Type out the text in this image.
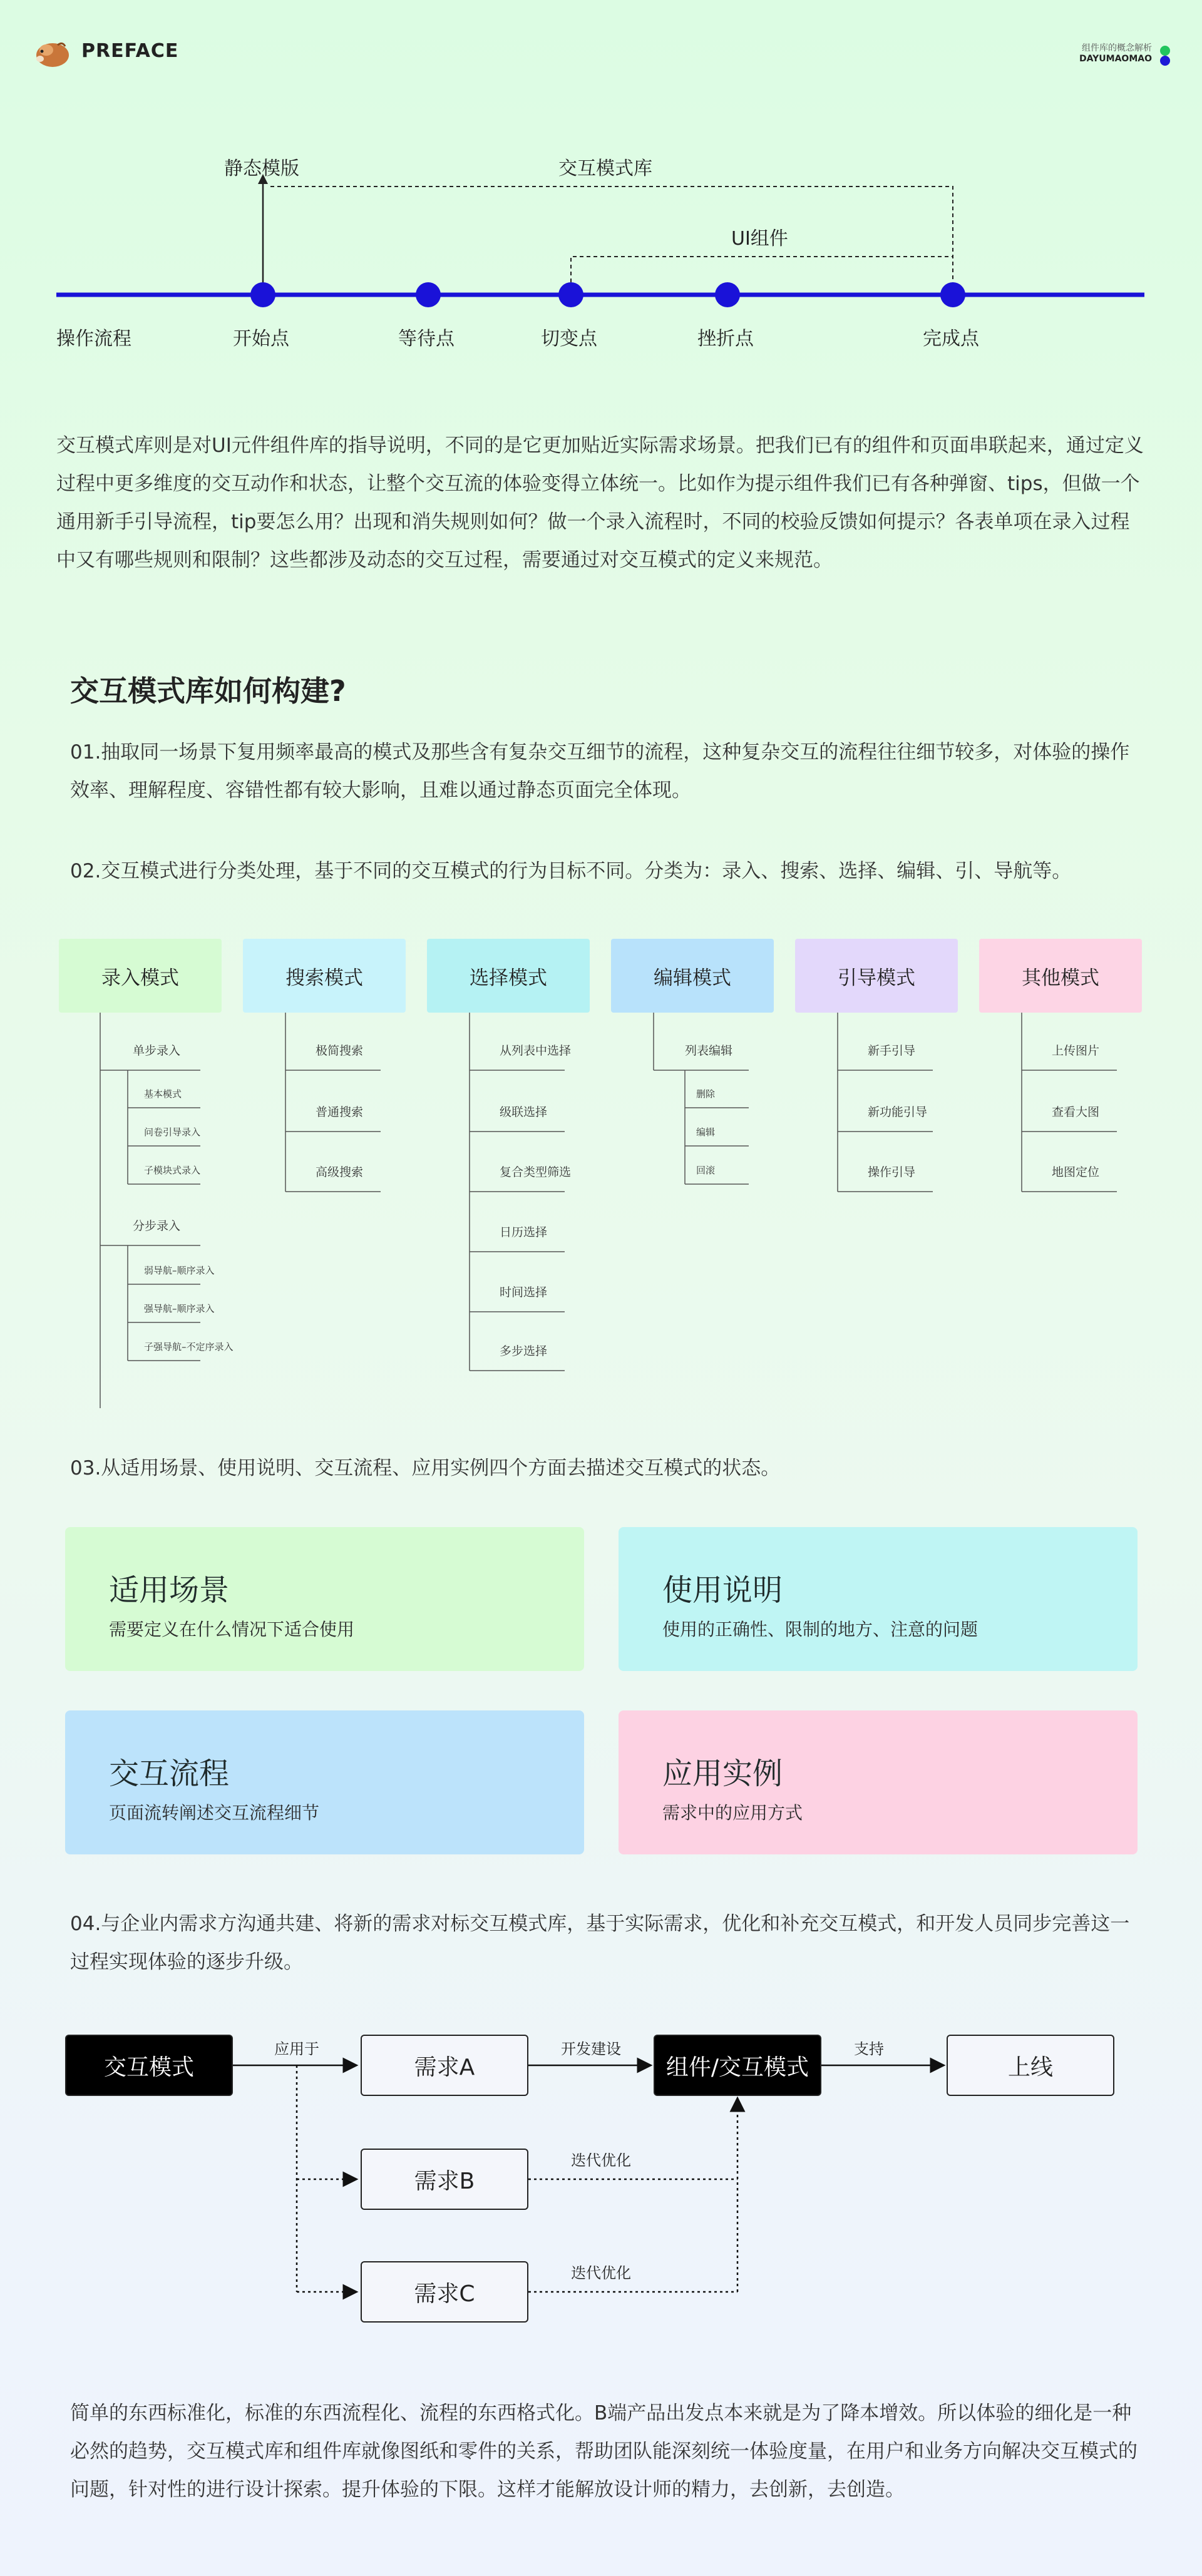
PREFACE	组件库的概念解析
DAYUMAOMAO
静态模版	交互模式库
UI组件
操作流程	开始点	等待点	切变点	挫折点	完成点
交互模式库则是对UI元件组件库的指导说明，不同的是它更加贴近实际需求场景。把我们已有的组件和页面串联起来，通过定义过程中更多维度的交互动作和状态，让整个交互流的体验变得立体统一。比如作为提示组件我们已有各种弹窗、tips，但做一个通用新手引导流程，tip要怎么用？出现和消失规则如何？做一个录入流程时，不同的校验反馈如何提示？各表单项在录入过程中又有哪些规则和限制？这些都涉及动态的交互过程，需要通过对交互模式的定义来规范。
交互模式库如何构建?
01.抽取同一场景下复用频率最高的模式及那些含有复杂交互细节的流程，这种复杂交互的流程往往细节较多，对体验的操作效率、理解程度、容错性都有较大影响，且难以通过静态页面完全体现。
02.交互模式进行分类处理，基于不同的交互模式的行为目标不同。分类为：录入、搜索、选择、编辑、引、导航等。
录入模式	搜索模式	选择模式	编辑模式	引导模式	其他模式
单步录入
基本模式
问卷引导录入
子模块式录入
分步录入
弱导航–顺序录入
强导航–顺序录入
子强导航–不定序录入
极简搜索
普通搜索
高级搜索
从列表中选择
级联选择
复合类型筛选
日历选择
时间选择
多步选择
列表编辑
删除
编辑
回滚
新手引导
新功能引导
操作引导
上传图片
查看大图
地图定位
03.从适用场景、使用说明、交互流程、应用实例四个方面去描述交互模式的状态。
适用场景
需要定义在什么情况下适合使用
使用说明
使用的正确性、限制的地方、注意的问题
交互流程
页面流转阐述交互流程细节
应用实例
需求中的应用方式
04.与企业内需求方沟通共建、将新的需求对标交互模式库，基于实际需求，优化和补充交互模式，和开发人员同步完善这一过程实现体验的逐步升级。
交互模式	需求A	组件/交互模式	上线
需求B
需求C
应用于	开发建设	支持
迭代优化
迭代优化
简单的东西标准化，标准的东西流程化、流程的东西格式化。B端产品出发点本来就是为了降本增效。所以体验的细化是一种必然的趋势，交互模式库和组件库就像图纸和零件的关系，帮助团队能深刻统一体验度量，在用户和业务方向解决交互模式的问题，针对性的进行设计探索。提升体验的下限。这样才能解放设计师的精力，去创新，去创造。
